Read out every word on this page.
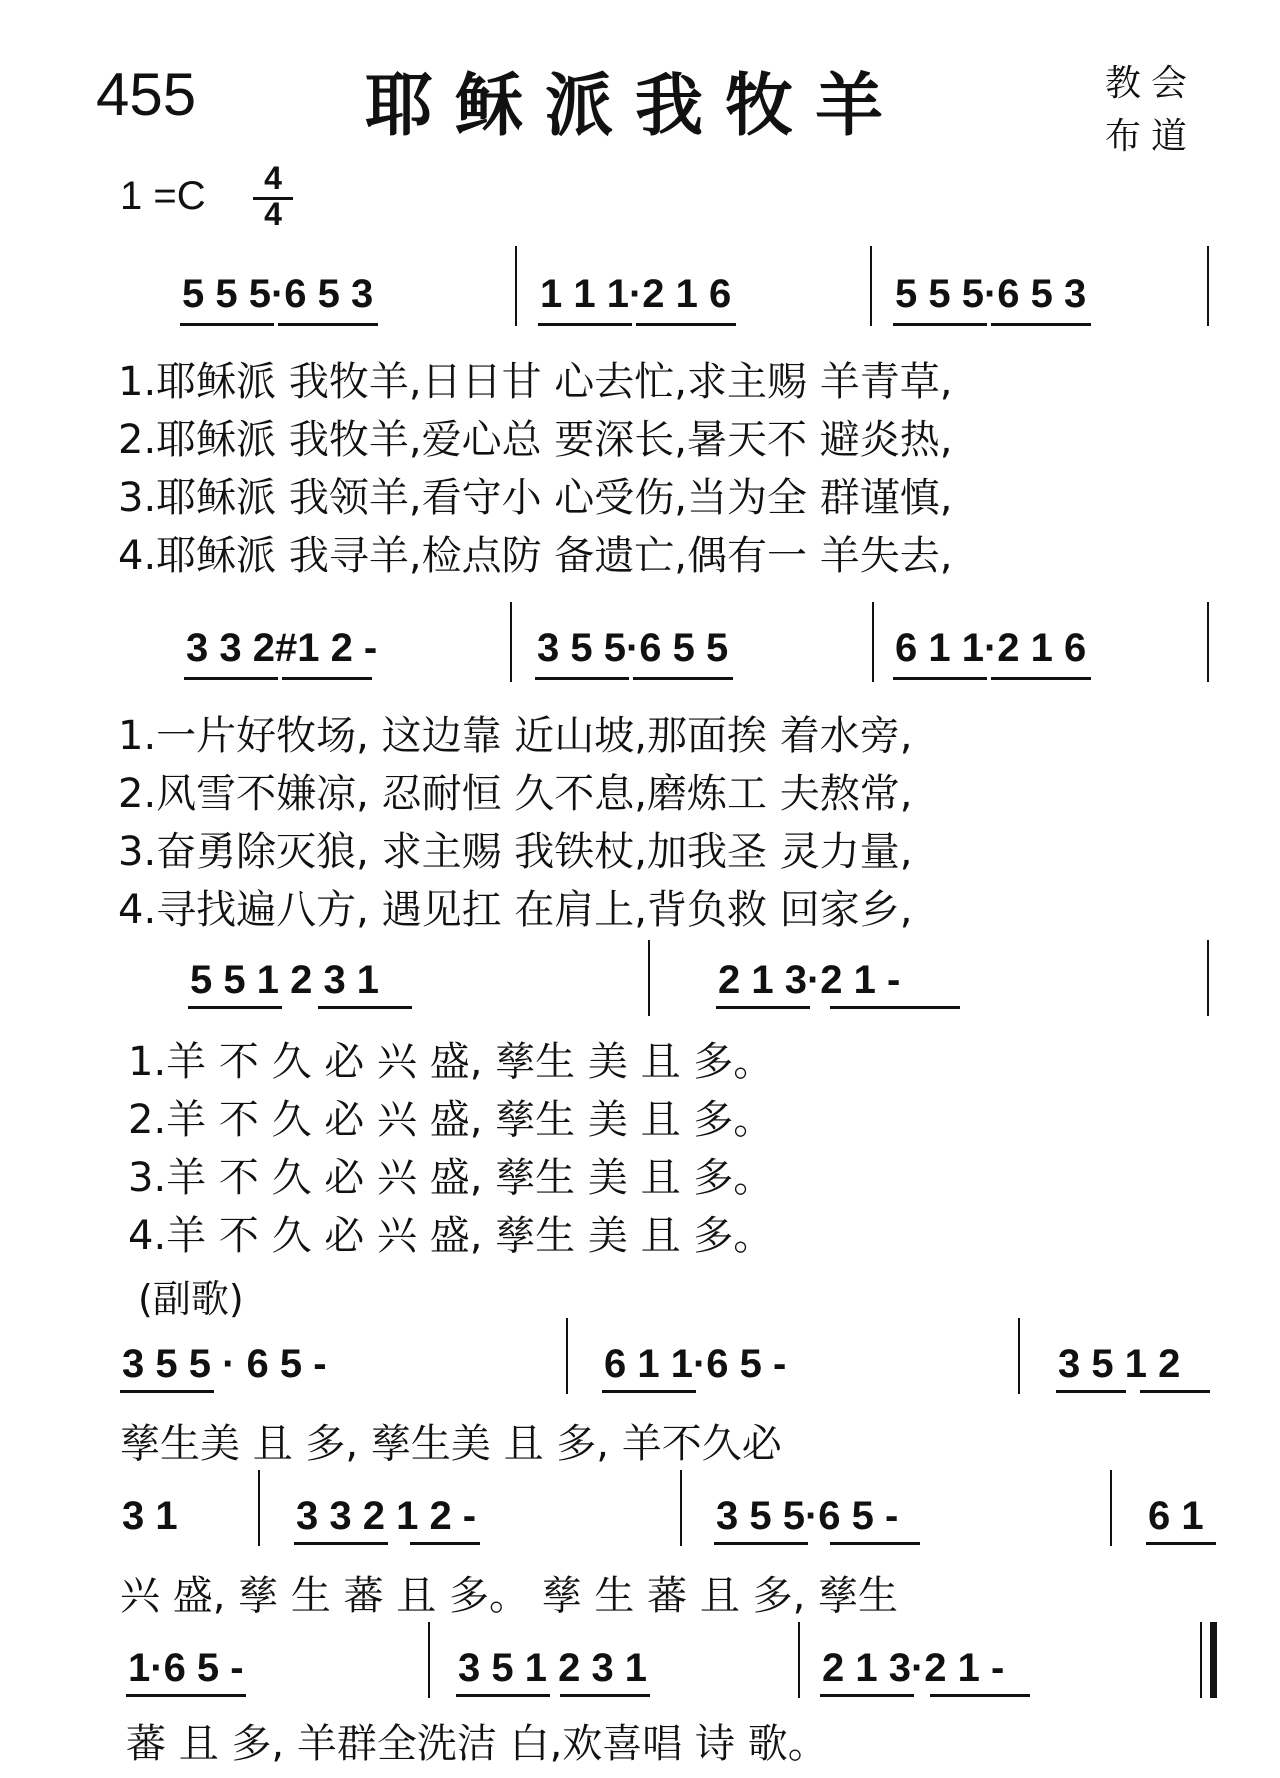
455 耶稣派我牧羊	教会
布道
1 =C 4
4
5 5 5·6 5 3	1 1 1·2 1 6	5 5 5·6 5 3
1.耶稣派 我牧羊,日日甘 心去忙,求主赐 羊青草,
2.耶稣派 我牧羊,爱心总 要深长,暑天不 避炎热,
3.耶稣派 我领羊,看守小 心受伤,当为全 群谨慎,
4.耶稣派 我寻羊,检点防 备遗亡,偶有一 羊失去,
3 3 2#1 2 -	3 5 5·6 5 5	6 1 1·2 1 6
1.一片好牧场, 这边靠 近山坡,那面挨 着水旁,
2.风雪不嫌凉, 忍耐恒 久不息,磨炼工 夫熬常,
3.奋勇除灭狼, 求主赐 我铁杖,加我圣 灵力量,
4.寻找遍八方, 遇见扛 在肩上,背负救 回家乡,
5 5 1 2 3 1	2 1 3·2 1 -
1.羊 不 久 必 兴 盛, 孳生 美 且 多。
2.羊 不 久 必 兴 盛, 孳生 美 且 多。
3.羊 不 久 必 兴 盛, 孳生 美 且 多。
4.羊 不 久 必 兴 盛, 孳生 美 且 多。
(副歌)
3 5 5 · 6 5 -	6 1 1·6 5 -	3 5 1 2
孳生美 且 多, 孳生美 且 多, 羊不久必
3 1	3 3 2 1 2 -	3 5 5·6 5 -	6 1
兴 盛, 孳 生 蕃 且 多。 孳 生 蕃 且 多, 孳生
1·6 5 -	3 5 1 2 3 1	2 1 3·2 1 -
蕃 且 多, 羊群全洗洁 白,欢喜唱 诗 歌。
